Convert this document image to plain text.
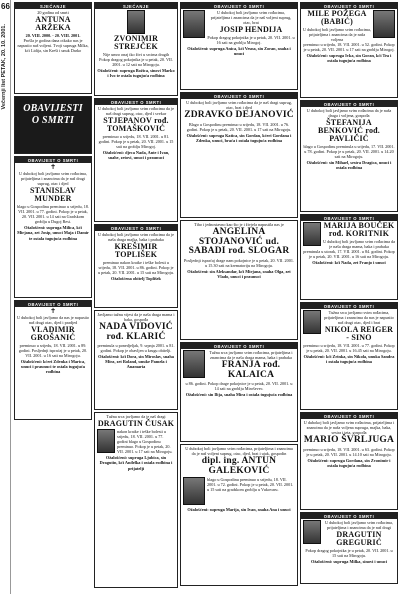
66
Večernji list PETAK, 20. 10. 2001.
SJEĆANJE
20 godina od smrti
ANTUNA ARŽEKA
20. VIII. 2000. - 20. VIII. 2001.
Prošla je godina dana otkako nas je napustio naš voljeni. Tvoji supruga Milka, kći Lidija, sin Kreši i unuk Darko
OBAVIJESTI
O SMRTI
OBAVIJEST O SMRTI
✝
U dubokoj boli javljamo svim rođacima, prijateljima i znancima da je naš dragi suprug, otac i djed
STANISLAV MUNDER
blago u Gospodinu preminuo u srijedu, 18. VII. 2001. u 77. godini. Pokop je u petak, 20. VII. 2001. u 14 sati na Gradskom groblju u Dugoj Resi.
Ožalošćeni: supruga Milica, kći Mirjana, zet Josip, unuci Maja i Damir te ostala tugujuća rodbina
OBAVIJEST O SMRTI
✝
U dubokoj boli javljamo da nas je napustio naš dragi otac, djed i pradjed
VLADIMIR GROŠANIĆ
preminuo u srijedu, 18. VII. 2001. u 89. godini. Posljednji ispraćaj je u petak, 20. VII. 2001. u 16 sati na Mirogoju.
Ožalošćeni: kćeri Zdenka i Marica, unuci i praunuci te ostala tugujuća rodbina
SJEĆANJE
ZVONIMIR STREJČEK
Nije umro onaj tko živi u srcima dragih
Pokop dragog pokojnika je u petak, 20. VII. 2001. u 12 sati na Mirogoju.
Ožalošćeni: supruga Božica, sinovi Marko i Ivo te ostala tugujuća rodbina
OBAVIJEST O SMRTI
U dubokoj boli javljamo svim rođacima da je naš dragi suprug, otac, djed i svekar
STJEPANOV rođ. TOMAŠKOVIĆ
preminuo u srijedu, 18. VII. 2001. u 81. godini. Pokop je u petak, 20. VII. 2001. u 15 sati na groblju Mirogoj.
Ožalošćeni: djeca Nada, Ante i Ivan, snahe, zetovi, unuci i praunuci
OBAVIJEST O SMRTI
U dubokoj boli javljamo svim rođacima da je naša draga majka, baka i prabaka
KREŠIMIR TOPLIŠEK
preminuo nakon kratke i teške bolesti u srijedu, 18. VII. 2001. u 86. godini. Pokop je u petak, 20. VII. 2001. u 15 sati na Mirogoju.
Ožalošćena obitelj Toplišek
Javljamo tužnu vijest da je naša draga mama i baka, gospođa
NADA VIDOVIĆ rođ. KLARIĆ
preminula u ponedjeljak, 9. srpnja 2001. u 81. godini. Pokop je obavljen u krugu obitelji.
Ožalošćeni: kći Dora, sin Miroslav, snaha Mira, zet Roland, unuke Pamela i Anamaria
Tužna srca javljamo da je naš dragi
DRAGUTIN ČUSAK
nakon kratke i teške bolesti u srijedu, 18. VII. 2001. u 77. godini blago u Gospodinu preminuo. Pokop je u petak, 20. VII. 2001. u 17 sati na Mirogoju.
Ožalošćeni: supruga Ljubica, sin Dragutin, kći Anđelka i ostala rodbina i prijatelji
OBAVIJEST O SMRTI
U dubokoj boli javljamo svim rođacima, prijateljima i znancima da je naš voljeni suprug, otac, brat
JOSIP HENDIJA
Pokop dragog pokojnika je u petak, 20. VII. 2001. u 16 sati na groblju Mirogoj.
Ožalošćeni: supruga Anica, kći Vesna, sin Zoran, snaha i unuci
OBAVIJEST O SMRTI
U dubokoj boli javljamo svim rođacima da je naš dragi suprug, otac, brat i djed
ZDRAVKO DEJANOVIĆ
Blago u Gospodinu preminuo u srijedu, 18. VII. 2001. u 76. godini. Pokop je u petak, 20. VII. 2001. u 17 sati na Mirogoju.
Ožalošćeni: supruga Katica, sin Gordan, kćeri Gordana i Zdenka, unuci, braća i ostala tugujuća rodbina
Tiho i jednostavno kao što je i živjela napustila nas je
ANGELINA STOJANOVIĆ ud. SABADI rođ. SLOGAR
Posljednji ispraćaj drage nam pokojnice je u petak, 20. VII. 2001. u 15.30 sati na krematoriju na Mirogoju.
Ožalošćeni: sin Aleksandar, kći Mirjana, snaha Olga, zet Vlado, unuci i praunuci
OBAVIJEST O SMRTI
Tužna srca javljamo svim rođacima, prijateljima i znancima da je naša draga mama, baka i prabaka
FRANJA rođ. KALAICA
u 86. godini. Pokop drage pokojnice je u petak, 20. VII. 2001. u 14 sati na groblju Miroševec.
Ožalošćeni: sin Ilija, snaha Mira i ostala tugujuća rodbina
U dubokoj boli javljamo svim rođacima, prijateljima i znancima da je naš voljeni suprug, otac, djed, brat i ujak, gospodin
dipl. ing. ANTUN GALEKOVIĆ
blago u Gospodinu preminuo u srijedu, 18. VII. 2001. u 72. godini. Pokop je u petak, 20. VII. 2001. u 15 sati na gradskom groblju u Vukovaru.
Ožalošćeni: supruga Marija, sin Ivan, snaha Ana i unuci
OBAVIJEST O SMRTI
MILE POŽEGA (BABIĆ)
U dubokoj boli javljamo svim rođacima, prijateljima i znancima da je naša voljena
preminuo u srijedu, 18. VII. 2001. u 52. godini. Pokop je u petak, 20. VII. 2001. u 17 sati na groblju Mirogoj.
Ožalošćeni: supruga Ivka, sin Goran, kći Tea i ostala tugujuća rodbina
OBAVIJEST O SMRTI
U dubokoj boli javljamo svim rođacima da je naša draga i voljena, gospođa
ŠTEFANIJA BENKOVIĆ rođ. PAVLIČIĆ
blago u Gospodinu preminula u srijedu, 17. VII. 2001. u 78. godini. Pokop je u petak, 20. VII. 2001. u 14.20 sati na Mirogoju.
Ožalošćeni: sin Mihael, sestra Dragica, unuci i ostala rodbina
OBAVIJEST O SMRTI
MARIJA BOUČEK rođ. KORITNIK
U dubokoj boli javljamo svim rođacima da je naša draga mama, baka i prabaka
preminula u utorak, 17. VII. 2001. u 84. godini. Pokop je u petak, 20. VII. 2001. u 16 sati na Mirogoju.
Ožalošćeni: kći Nada, zet Franjo i unuci
OBAVIJEST O SMRTI
Tužna srca javljamo svim rođacima, prijateljima i znancima da nas je napustio naš dragi otac, djed i brat
NIKOLA REIGER - SINO
preminuo u srijedu, 18. VII. 2001. u 77. godini. Pokop je u petak, 20. VII. 2001. u 16.45 sati na Mirogoju.
Ožalošćeni: kći Zrinka, sin Nikola, unuka Sandra i ostala tugujuća rodbina
OBAVIJEST O SMRTI
U dubokoj boli javljamo svim rođacima, prijateljima i znancima da je naša voljena supruga, majka, baka, sestra i teta, gospođa
MARIO ŠVRLJUGA
preminuo u srijedu, 18. VII. 2001. u 63. godini. Pokop je u petak, 20. VII. 2001. u 14.10 sati na Mirogoju.
Ožalošćeni: supruga Gordana, sin Zvonimir i ostala tugujuća rodbina
OBAVIJEST O SMRTI
U dubokoj boli javljamo svim rođacima, prijateljima i znancima da je naš dragi
DRAGUTIN GREGURIĆ
Pokop dragog pokojnika je u petak, 20. VII. 2001. u 15 sati na Mirogoju.
Ožalošćeni: supruga Milka, sinovi i unuci
